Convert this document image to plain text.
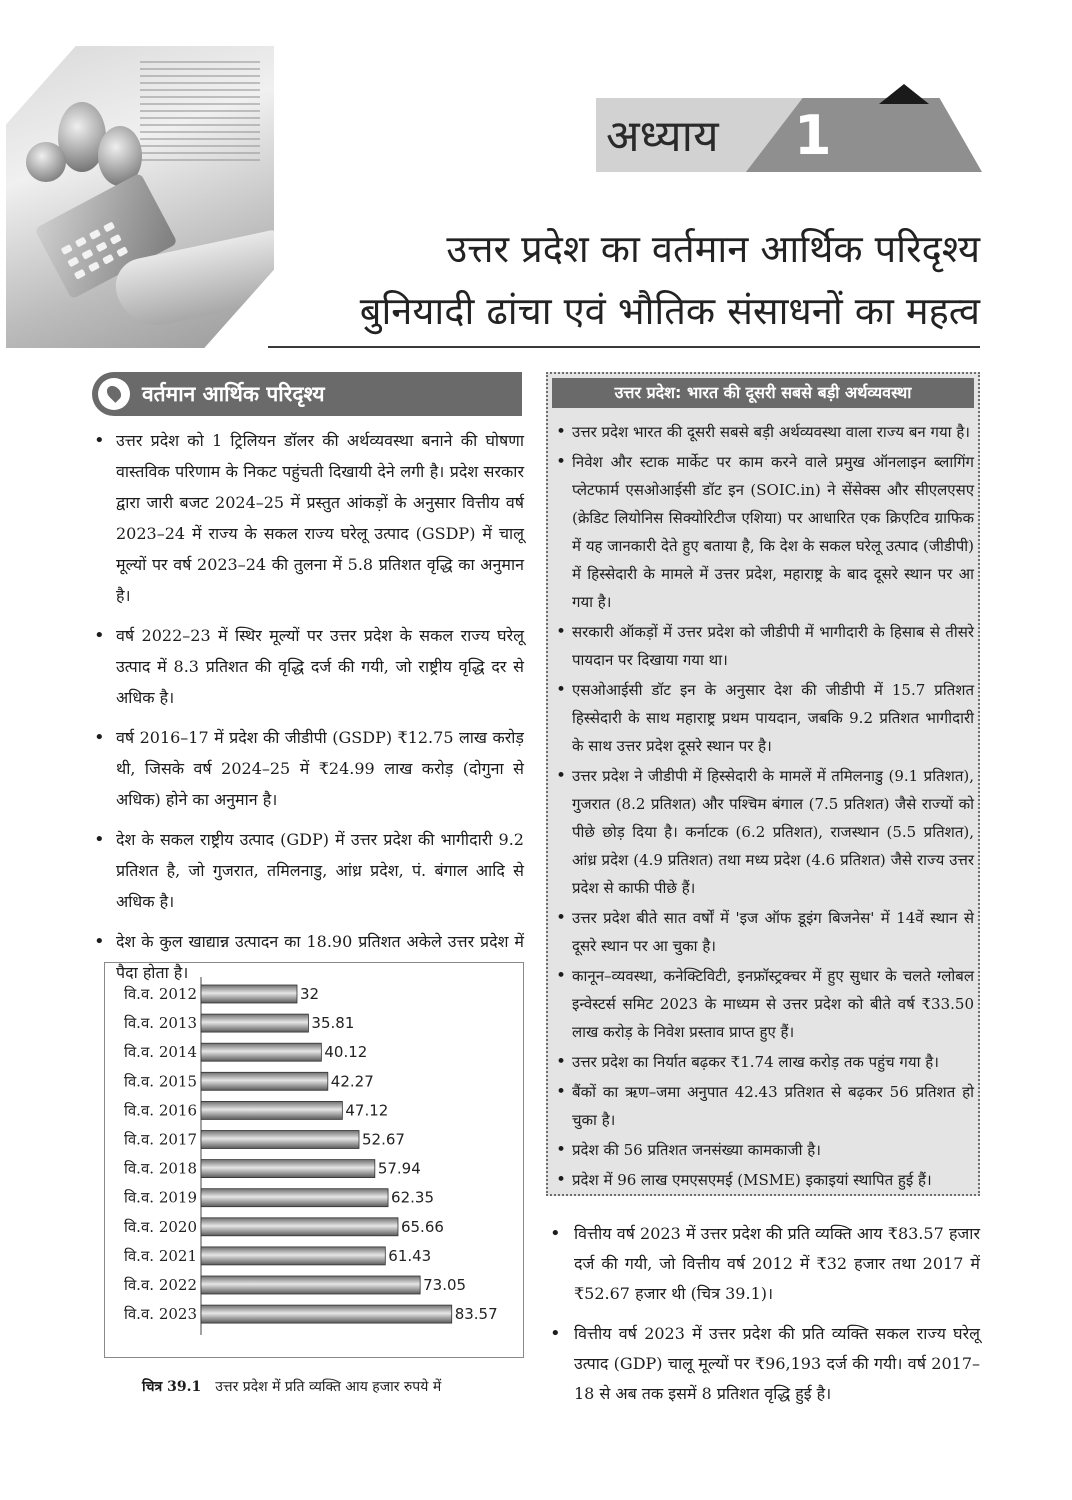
अध्याय 1
उत्तर प्रदेश का वर्तमान आर्थिक परिदृश्य
बुनियादी ढांचा एवं भौतिक संसाधनों का महत्व
वर्तमान आर्थिक परिदृश्य
• उत्तर प्रदेश को 1 ट्रिलियन डॉलर की अर्थव्यवस्था बनाने की घोषणा वास्तविक परिणाम के निकट पहुंचती दिखायी देने लगी है। प्रदेश सरकार द्वारा जारी बजट 2024–25 में प्रस्तुत आंकड़ों के अनुसार वित्तीय वर्ष 2023–24 में राज्य के सकल राज्य घरेलू उत्पाद (GSDP) में चालू मूल्यों पर वर्ष 2023–24 की तुलना में 5.8 प्रतिशत वृद्धि का अनुमान है।
• वर्ष 2022–23 में स्थिर मूल्यों पर उत्तर प्रदेश के सकल राज्य घरेलू उत्पाद में 8.3 प्रतिशत की वृद्धि दर्ज की गयी, जो राष्ट्रीय वृद्धि दर से अधिक है।
• वर्ष 2016–17 में प्रदेश की जीडीपी (GSDP) ₹12.75 लाख करोड़ थी, जिसके वर्ष 2024–25 में ₹24.99 लाख करोड़ (दोगुना से अधिक) होने का अनुमान है।
• देश के सकल राष्ट्रीय उत्पाद (GDP) में उत्तर प्रदेश की भागीदारी 9.2 प्रतिशत है, जो गुजरात, तमिलनाडु, आंध्र प्रदेश, पं. बंगाल आदि से अधिक है।
• देश के कुल खाद्यान्न उत्पादन का 18.90 प्रतिशत अकेले उत्तर प्रदेश में पैदा होता है।
वि.व. 2012	32
वि.व. 2013	35.81
वि.व. 2014	40.12
वि.व. 2015	42.27
वि.व. 2016	47.12
वि.व. 2017	52.67
वि.व. 2018	57.94
वि.व. 2019	62.35
वि.व. 2020	65.66
वि.व. 2021	61.43
वि.व. 2022	73.05
वि.व. 2023	83.57
चित्र 39.1 उत्तर प्रदेश में प्रति व्यक्ति आय हजार रुपये में
उत्तर प्रदेश: भारत की दूसरी सबसे बड़ी अर्थव्यवस्था
• उत्तर प्रदेश भारत की दूसरी सबसे बड़ी अर्थव्यवस्था वाला राज्य बन गया है।
• निवेश और स्टाक मार्केट पर काम करने वाले प्रमुख ऑनलाइन ब्लागिंग प्लेटफार्म एसओआईसी डॉट इन (SOIC.in) ने सेंसेक्स और सीएलएसए (क्रेडिट लियोनिस सिक्योरिटीज एशिया) पर आधारित एक क्रिएटिव ग्राफिक में यह जानकारी देते हुए बताया है, कि देश के सकल घरेलू उत्पाद (जीडीपी) में हिस्सेदारी के मामले में उत्तर प्रदेश, महाराष्ट्र के बाद दूसरे स्थान पर आ गया है।
• सरकारी ऑकड़ों में उत्तर प्रदेश को जीडीपी में भागीदारी के हिसाब से तीसरे पायदान पर दिखाया गया था।
• एसओआईसी डॉट इन के अनुसार देश की जीडीपी में 15.7 प्रतिशत हिस्सेदारी के साथ महाराष्ट्र प्रथम पायदान, जबकि 9.2 प्रतिशत भागीदारी के साथ उत्तर प्रदेश दूसरे स्थान पर है।
• उत्तर प्रदेश ने जीडीपी में हिस्सेदारी के मामलें में तमिलनाडु (9.1 प्रतिशत), गुजरात (8.2 प्रतिशत) और पश्चिम बंगाल (7.5 प्रतिशत) जैसे राज्यों को पीछे छोड़ दिया है। कर्नाटक (6.2 प्रतिशत), राजस्थान (5.5 प्रतिशत), आंध्र प्रदेश (4.9 प्रतिशत) तथा मध्य प्रदेश (4.6 प्रतिशत) जैसे राज्य उत्तर प्रदेश से काफी पीछे हैं।
• उत्तर प्रदेश बीते सात वर्षों में 'इज ऑफ डूइंग बिजनेस' में 14वें स्थान से दूसरे स्थान पर आ चुका है।
• कानून–व्यवस्था, कनेक्टिविटी, इनफ्रॉस्ट्रक्चर में हुए सुधार के चलते ग्लोबल इन्वेस्टर्स समिट 2023 के माध्यम से उत्तर प्रदेश को बीते वर्ष ₹33.50 लाख करोड़ के निवेश प्रस्ताव प्राप्त हुए हैं।
• उत्तर प्रदेश का निर्यात बढ़कर ₹1.74 लाख करोड़ तक पहुंच गया है।
• बैंकों का ऋण–जमा अनुपात 42.43 प्रतिशत से बढ़कर 56 प्रतिशत हो चुका है।
• प्रदेश की 56 प्रतिशत जनसंख्या कामकाजी है।
• प्रदेश में 96 लाख एमएसएमई (MSME) इकाइयां स्थापित हुई हैं।
• वित्तीय वर्ष 2023 में उत्तर प्रदेश की प्रति व्यक्ति आय ₹83.57 हजार दर्ज की गयी, जो वित्तीय वर्ष 2012 में ₹32 हजार तथा 2017 में ₹52.67 हजार थी (चित्र 39.1)।
• वित्तीय वर्ष 2023 में उत्तर प्रदेश की प्रति व्यक्ति सकल राज्य घरेलू उत्पाद (GDP) चालू मूल्यों पर ₹96,193 दर्ज की गयी। वर्ष 2017–18 से अब तक इसमें 8 प्रतिशत वृद्धि हुई है।
